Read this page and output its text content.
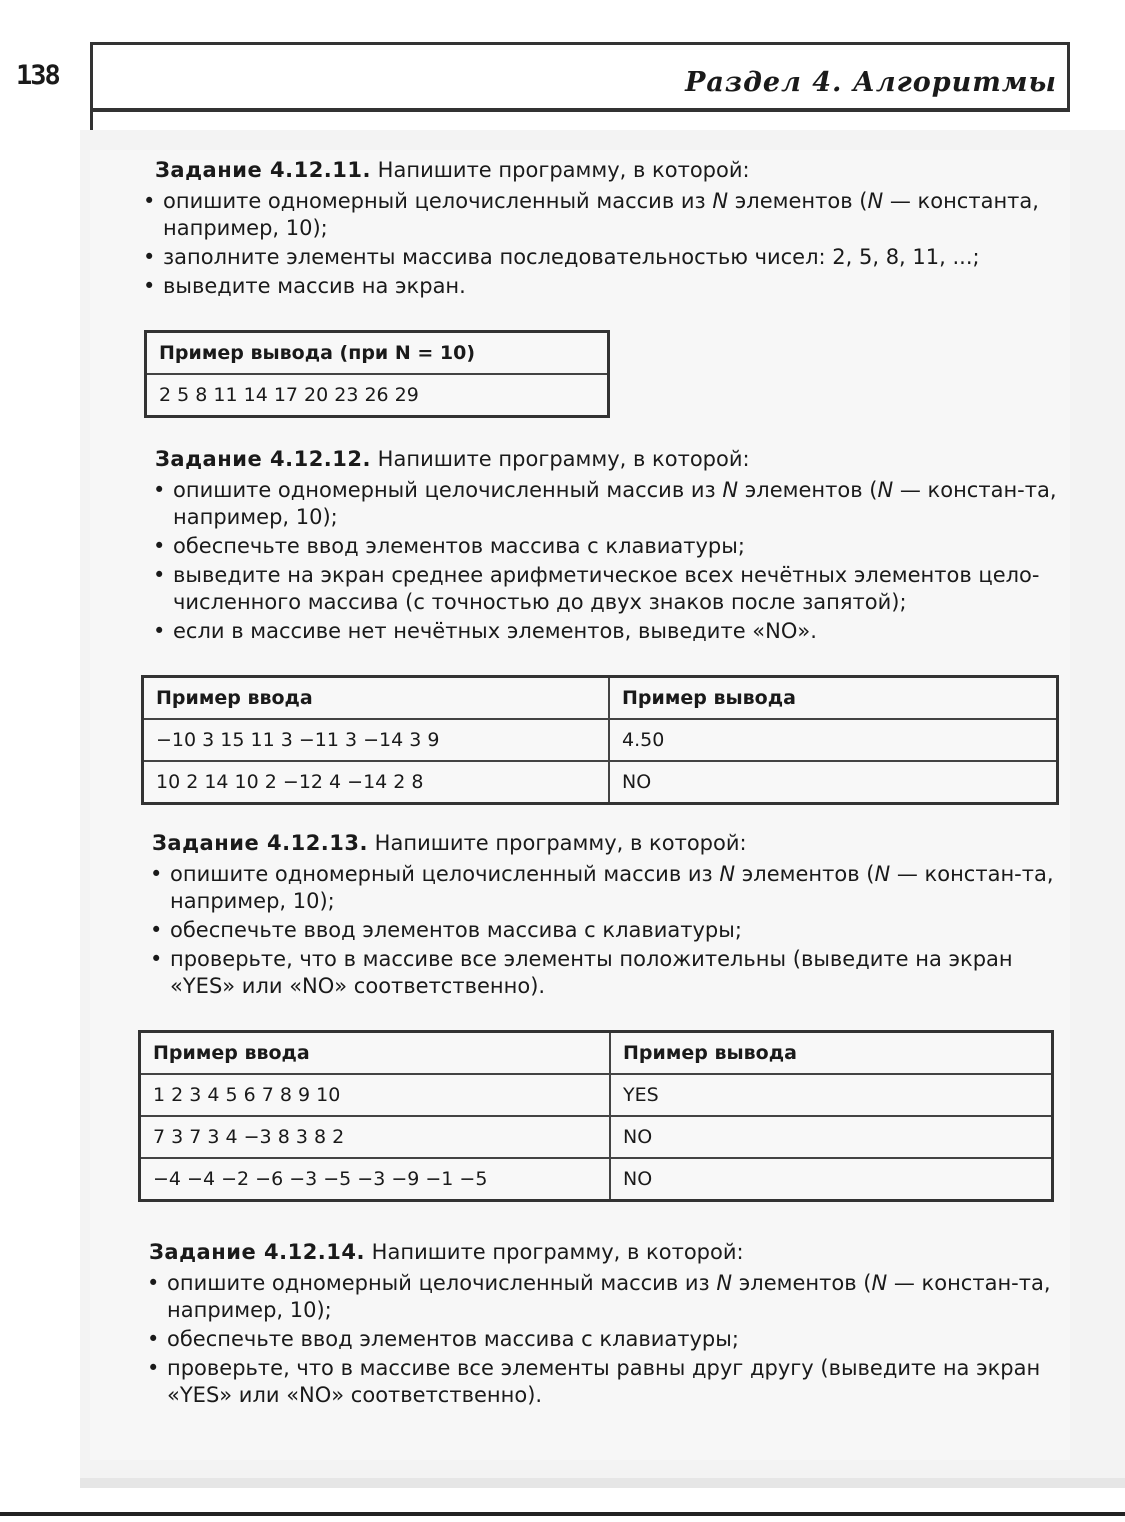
138	Раздел 4. Алгоритмы
Задание 4.12.11. Напишите программу, в которой:
• опишите одномерный целочисленный массив из N элементов (N — константа, например, 10);
• заполните элементы массива последовательностью чисел: 2, 5, 8, 11, ...;
• выведите массив на экран.
Пример вывода (при N = 10)
2 5 8 11 14 17 20 23 26 29
Задание 4.12.12. Напишите программу, в которой:
• опишите одномерный целочисленный массив из N элементов (N — констан-та, например, 10);
• обеспечьте ввод элементов массива с клавиатуры;
• выведите на экран среднее арифметическое всех нечётных элементов цело-численного массива (с точностью до двух знаков после запятой);
• если в массиве нет нечётных элементов, выведите «NO».
Пример ввода	Пример вывода
−10 3 15 11 3 −11 3 −14 3 9	4.50
10 2 14 10 2 −12 4 −14 2 8	NO
Задание 4.12.13. Напишите программу, в которой:
• опишите одномерный целочисленный массив из N элементов (N — констан-та, например, 10);
• обеспечьте ввод элементов массива с клавиатуры;
• проверьте, что в массиве все элементы положительны (выведите на экран «YES» или «NO» соответственно).
Пример ввода	Пример вывода
1 2 3 4 5 6 7 8 9 10	YES
7 3 7 3 4 −3 8 3 8 2	NO
−4 −4 −2 −6 −3 −5 −3 −9 −1 −5	NO
Задание 4.12.14. Напишите программу, в которой:
• опишите одномерный целочисленный массив из N элементов (N — констан-та, например, 10);
• обеспечьте ввод элементов массива с клавиатуры;
• проверьте, что в массиве все элементы равны друг другу (выведите на экран «YES» или «NO» соответственно).
